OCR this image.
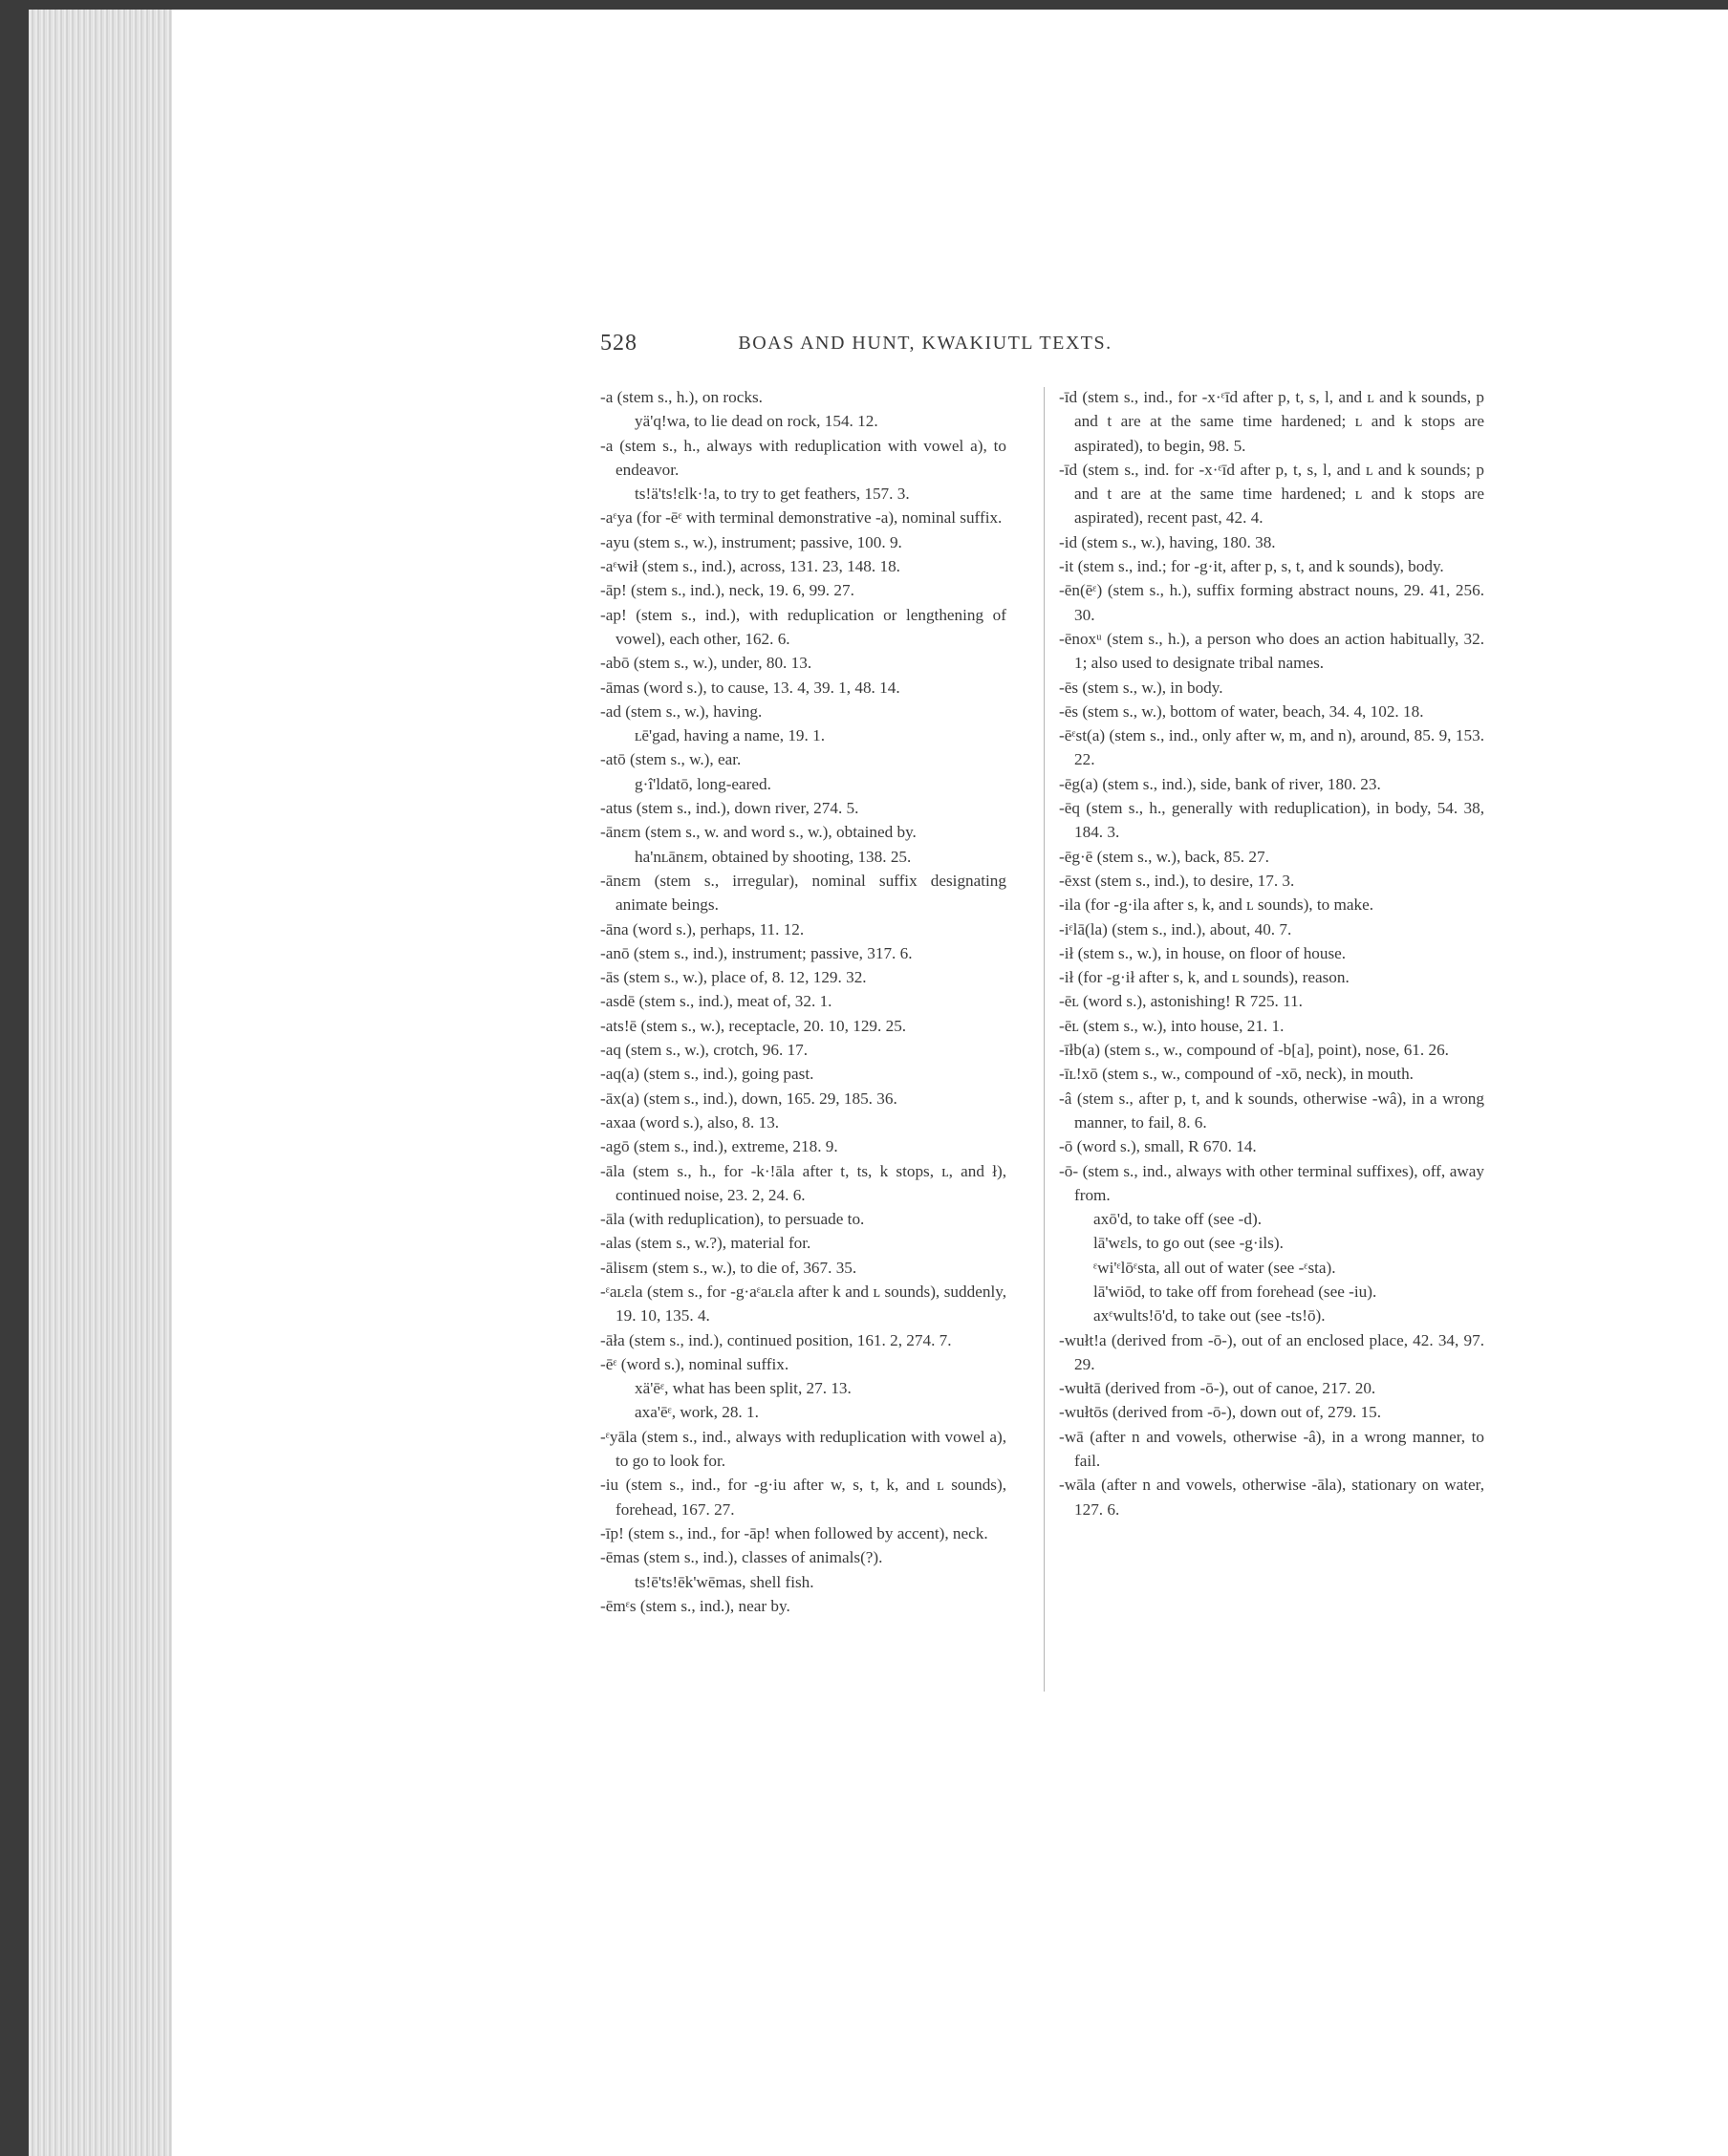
528	BOAS AND HUNT, KWAKIUTL TEXTS.
-a (stem s., h.), on rocks.
yä'q!wa, to lie dead on rock, 154. 12.
-a (stem s., h., always with reduplication with vowel a), to endeavor.
ts!ä'ts!ɛlk·!a, to try to get feathers, 157. 3.
-aᵋya (for -ēᵋ with terminal demonstrative -a), nominal suffix.
-ayu (stem s., w.), instrument; passive, 100. 9.
-aᵋwił (stem s., ind.), across, 131. 23, 148. 18.
-āp! (stem s., ind.), neck, 19. 6, 99. 27.
-ap! (stem s., ind.), with reduplication or lengthening of vowel), each other, 162. 6.
-abō (stem s., w.), under, 80. 13.
-āmas (word s.), to cause, 13. 4, 39. 1, 48. 14.
-ad (stem s., w.), having.
ʟē'gad, having a name, 19. 1.
-atō (stem s., w.), ear.
g·î'ldatō, long-eared.
-atus (stem s., ind.), down river, 274. 5.
-ānɛm (stem s., w. and word s., w.), obtained by.
ha'nʟānɛm, obtained by shooting, 138. 25.
-ānɛm (stem s., irregular), nominal suffix designating animate beings.
-āna (word s.), perhaps, 11. 12.
-anō (stem s., ind.), instrument; passive, 317. 6.
-ās (stem s., w.), place of, 8. 12, 129. 32.
-asdē (stem s., ind.), meat of, 32. 1.
-ats!ē (stem s., w.), receptacle, 20. 10, 129. 25.
-aq (stem s., w.), crotch, 96. 17.
-aq(a) (stem s., ind.), going past.
-āx(a) (stem s., ind.), down, 165. 29, 185. 36.
-axaa (word s.), also, 8. 13.
-agō (stem s., ind.), extreme, 218. 9.
-āla (stem s., h., for -k·!āla after t, ts, k stops, ʟ, and ł), continued noise, 23. 2, 24. 6.
-āla (with reduplication), to persuade to.
-alas (stem s., w.?), material for.
-ālisɛm (stem s., w.), to die of, 367. 35.
-ᵋaʟɛla (stem s., for -g·aᵋaʟɛla after k and ʟ sounds), suddenly, 19. 10, 135. 4.
-āła (stem s., ind.), continued position, 161. 2, 274. 7.
-ēᵋ (word s.), nominal suffix.
xä'ēᵋ, what has been split, 27. 13.
axa'ēᵋ, work, 28. 1.
-ᵋyāla (stem s., ind., always with reduplication with vowel a), to go to look for.
-iu (stem s., ind., for -g·iu after w, s, t, k, and ʟ sounds), forehead, 167. 27.
-īp! (stem s., ind., for -āp! when followed by accent), neck.
-ēmas (stem s., ind.), classes of animals(?).
ts!ē'ts!ēk'wēmas, shell fish.
-ēmᵋs (stem s., ind.), near by.
-īd (stem s., ind., for -x·ᵋīd after p, t, s, l, and ʟ and k sounds, p and t are at the same time hardened; ʟ and k stops are aspirated), to begin, 98. 5.
-īd (stem s., ind. for -x·ᵋīd after p, t, s, l, and ʟ and k sounds; p and t are at the same time hardened; ʟ and k stops are aspirated), recent past, 42. 4.
-id (stem s., w.), having, 180. 38.
-it (stem s., ind.; for -g·it, after p, s, t, and k sounds), body.
-ēn(ēᵋ) (stem s., h.), suffix forming abstract nouns, 29. 41, 256. 30.
-ēnoxᵘ (stem s., h.), a person who does an action habitually, 32. 1; also used to designate tribal names.
-ēs (stem s., w.), in body.
-ēs (stem s., w.), bottom of water, beach, 34. 4, 102. 18.
-ēᵋst(a) (stem s., ind., only after w, m, and n), around, 85. 9, 153. 22.
-ēg(a) (stem s., ind.), side, bank of river, 180. 23.
-ēq (stem s., h., generally with reduplication), in body, 54. 38, 184. 3.
-ēg·ē (stem s., w.), back, 85. 27.
-ēxst (stem s., ind.), to desire, 17. 3.
-ila (for -g·ila after s, k, and ʟ sounds), to make.
-iᵋlā(la) (stem s., ind.), about, 40. 7.
-ił (stem s., w.), in house, on floor of house.
-ił (for -g·ił after s, k, and ʟ sounds), reason.
-ēʟ (word s.), astonishing! R 725. 11.
-ēʟ (stem s., w.), into house, 21. 1.
-īłb(a) (stem s., w., compound of -b[a], point), nose, 61. 26.
-īʟ!xō (stem s., w., compound of -xō, neck), in mouth.
-â (stem s., after p, t, and k sounds, otherwise -wâ), in a wrong manner, to fail, 8. 6.
-ō (word s.), small, R 670. 14.
-ō- (stem s., ind., always with other terminal suffixes), off, away from.
axō'd, to take off (see -d).
lā'wɛls, to go out (see -g·ils).
ᵋwi'ᵋlōᵋsta, all out of water (see -ᵋsta).
lā'wiōd, to take off from forehead (see -iu).
axᵋwults!ō'd, to take out (see -ts!ō).
-wułt!a (derived from -ō-), out of an enclosed place, 42. 34, 97. 29.
-wułtā (derived from -ō-), out of canoe, 217. 20.
-wułtōs (derived from -ō-), down out of, 279. 15.
-wā (after n and vowels, otherwise -â), in a wrong manner, to fail.
-wāla (after n and vowels, otherwise -āla), stationary on water, 127. 6.
